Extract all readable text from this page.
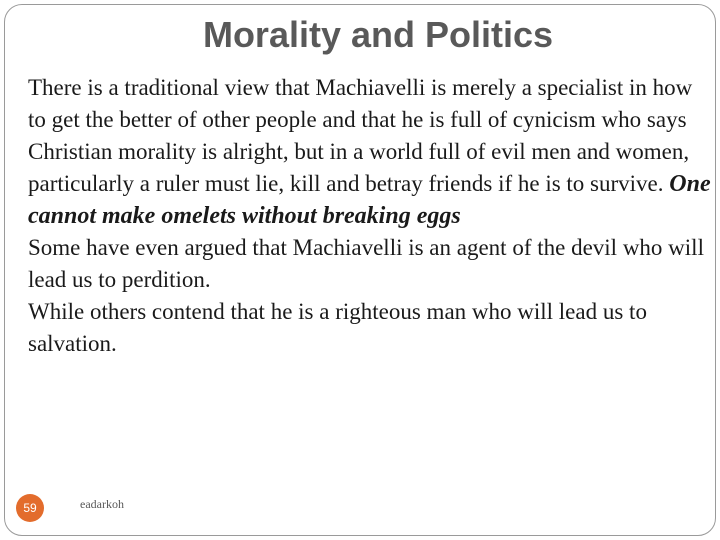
Morality and Politics
There is a traditional view that Machiavelli is merely a specialist in how to get the better of other people and that he is full of cynicism who says Christian morality is alright, but in a world full of evil men and women, particularly a ruler must lie, kill and betray friends if he is to survive. One cannot make omelets without breaking eggs
Some have even argued that Machiavelli is an agent of the devil who will lead us to perdition.
While others contend that he is a righteous man who will lead us to salvation.
59	eadarkoh
